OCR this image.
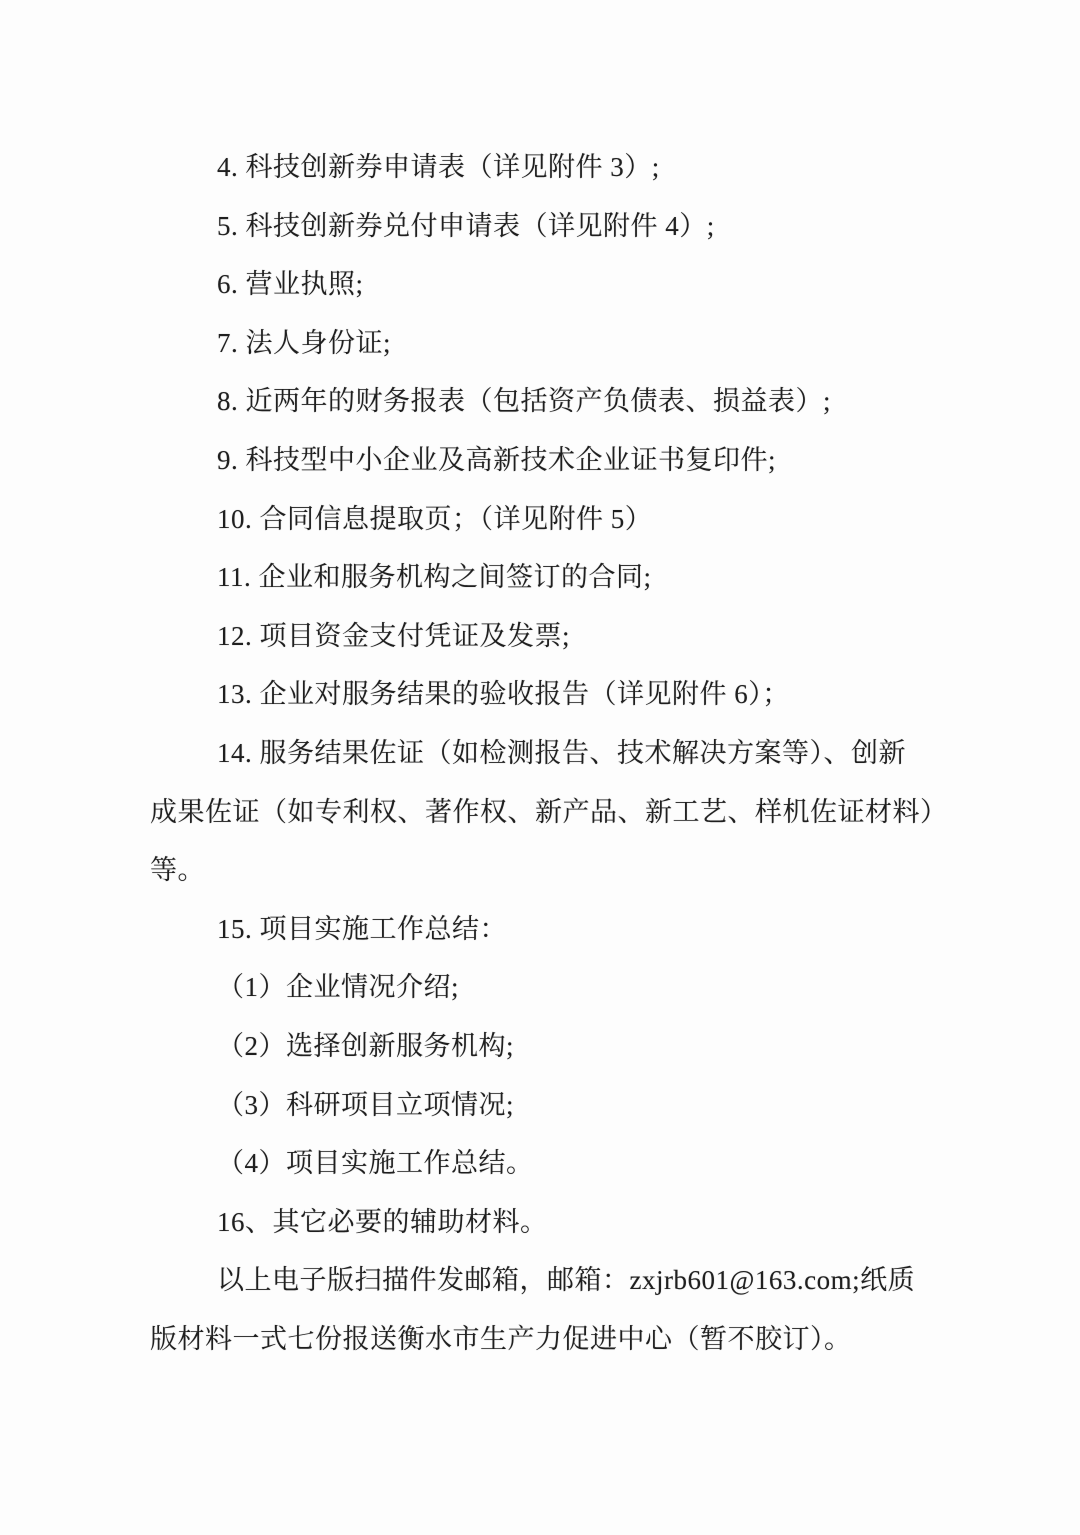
4. 科技创新券申请表（详见附件 3）;
5. 科技创新券兑付申请表（详见附件 4）;
6. 营业执照;
7. 法人身份证;
8. 近两年的财务报表（包括资产负债表、损益表）;
9. 科技型中小企业及高新技术企业证书复印件;
10. 合同信息提取页；（详见附件 5）
11. 企业和服务机构之间签订的合同;
12. 项目资金支付凭证及发票;
13. 企业对服务结果的验收报告（详见附件 6）；
14. 服务结果佐证（如检测报告、技术解决方案等）、创新
成果佐证（如专利权、著作权、新产品、新工艺、样机佐证材料）
等。
15. 项目实施工作总结：
（1）企业情况介绍;
（2）选择创新服务机构;
（3）科研项目立项情况;
（4）项目实施工作总结。
16、其它必要的辅助材料。
以上电子版扫描件发邮箱，邮箱：zxjrb601@163.com;纸质
版材料一式七份报送衡水市生产力促进中心（暂不胶订）。
